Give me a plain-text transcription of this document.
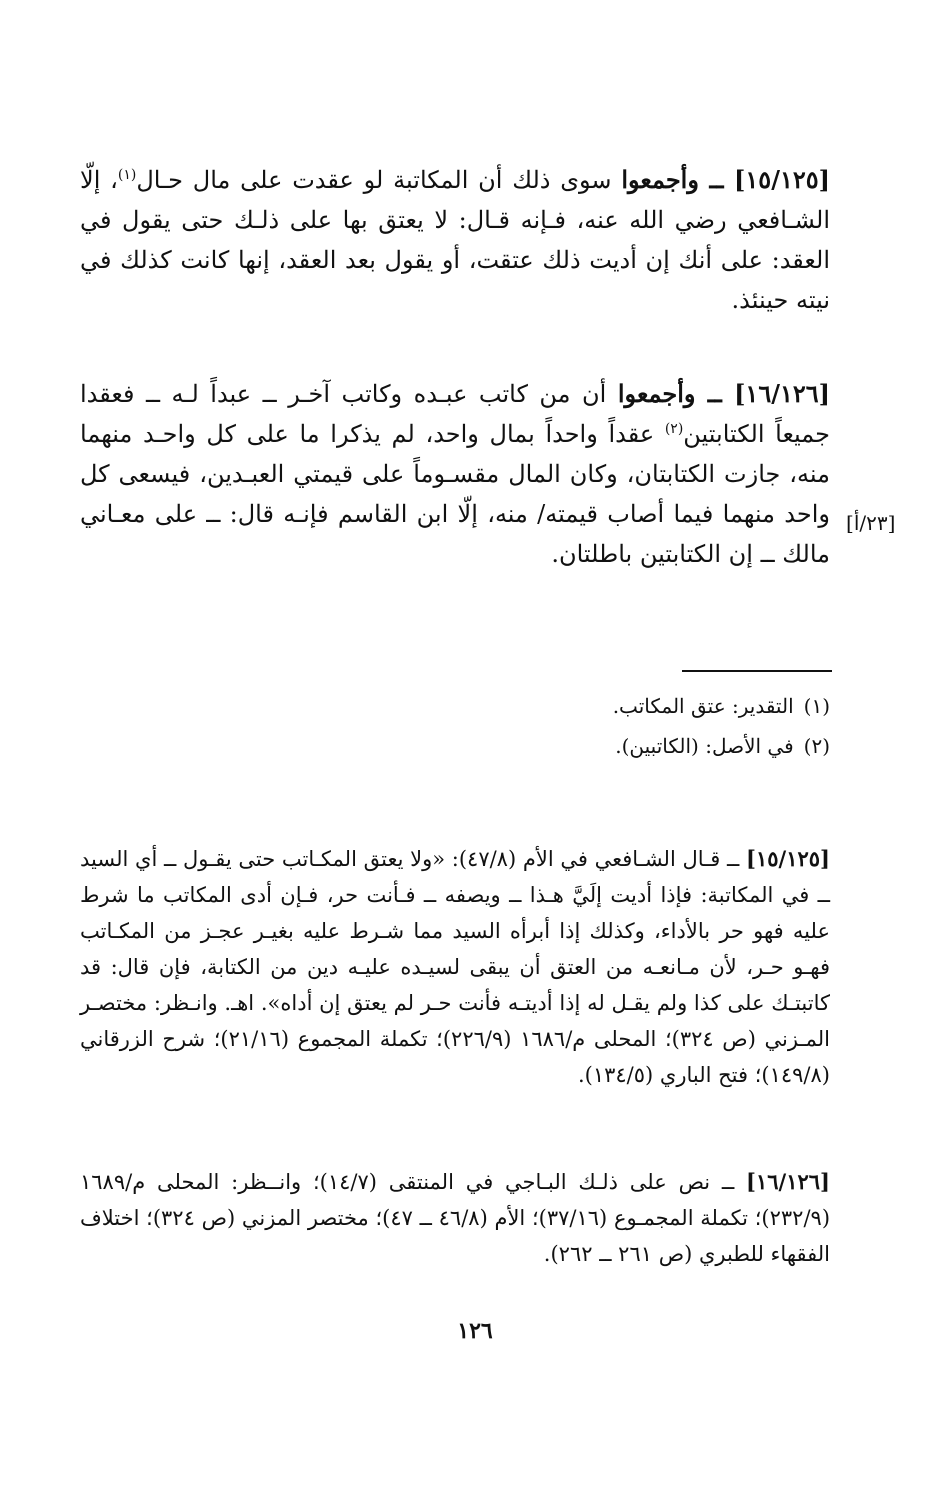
[١٥/١٢٥] ــ وأجمعوا سوى ذلك أن المكاتبة لو عقدت على مال حـال$^{(١)}$، إلّا الشـافعي رضي الله عنه، فـإنه قـال: لا يعتق بها على ذلـك حتى يقول في العقد: على أنك إن أديت ذلك عتقت، أو يقول بعد العقد، إنها كانت كذلك في نيته حينئذ.

[١٦/١٢٦] ــ وأجمعوا أن من كاتب عبـده وكاتب آخـر ــ عبداً لـه ــ فعقدا جميعاً الكتابتين$^{(٢)}$ عقداً واحداً بمال واحد، لم يذكرا ما على كل واحـد منهما منه، جازت الكتابتان، وكان المال مقسـوماً على قيمتي العبـدين، فيسعى كل واحد منهما فيما أصاب قيمته/ منه، إلّا ابن القاسم فإنـه قال: ــ على معـاني مالك ــ إن الكتابتين باطلتان.

[٢٣/أ]
(١)التقدير: عتق المكاتب.
(٢)في الأصل: (الكاتبين).

[١٥/١٢٥] ــ قـال الشـافعي في الأم (٤٧/٨): «ولا يعتق المكـاتب حتى يقـول ــ أي السيد ــ في المكاتبة: فإذا أديت إلَيَّ هـذا ــ ويصفه ــ فـأنت حر، فـإن أدى المكاتب ما شرط عليه فهو حر بالأداء، وكذلك إذا أبرأه السيد مما شـرط عليه بغيـر عجـز من المكـاتب فهـو حـر، لأن مـانعـه من العتق أن يبقى لسيـده عليـه دين من الكتابة، فإن قال: قد كاتبتـك على كذا ولم يقـل له إذا أديتـه فأنت حـر لم يعتق إن أداه». اهـ. وانـظر: مختصـر المـزني (ص ٣٢٤)؛ المحلى م/١٦٨٦ (٢٢٦/٩)؛ تكملة المجموع (٢١/١٦)؛ شرح الزرقاني (١٤٩/٨)؛ فتح الباري (١٣٤/٥).

[١٦/١٢٦] ــ نص على ذلـك البـاجي في المنتقى (١٤/٧)؛ وانــظر: المحلى م/١٦٨٩ (٢٣٢/٩)؛ تكملة المجمـوع (٣٧/١٦)؛ الأم (٤٦/٨ ــ ٤٧)؛ مختصر المزني (ص ٣٢٤)؛ اختلاف الفقهاء للطبري (ص ٢٦١ ــ ٢٦٢).

١٢٦
